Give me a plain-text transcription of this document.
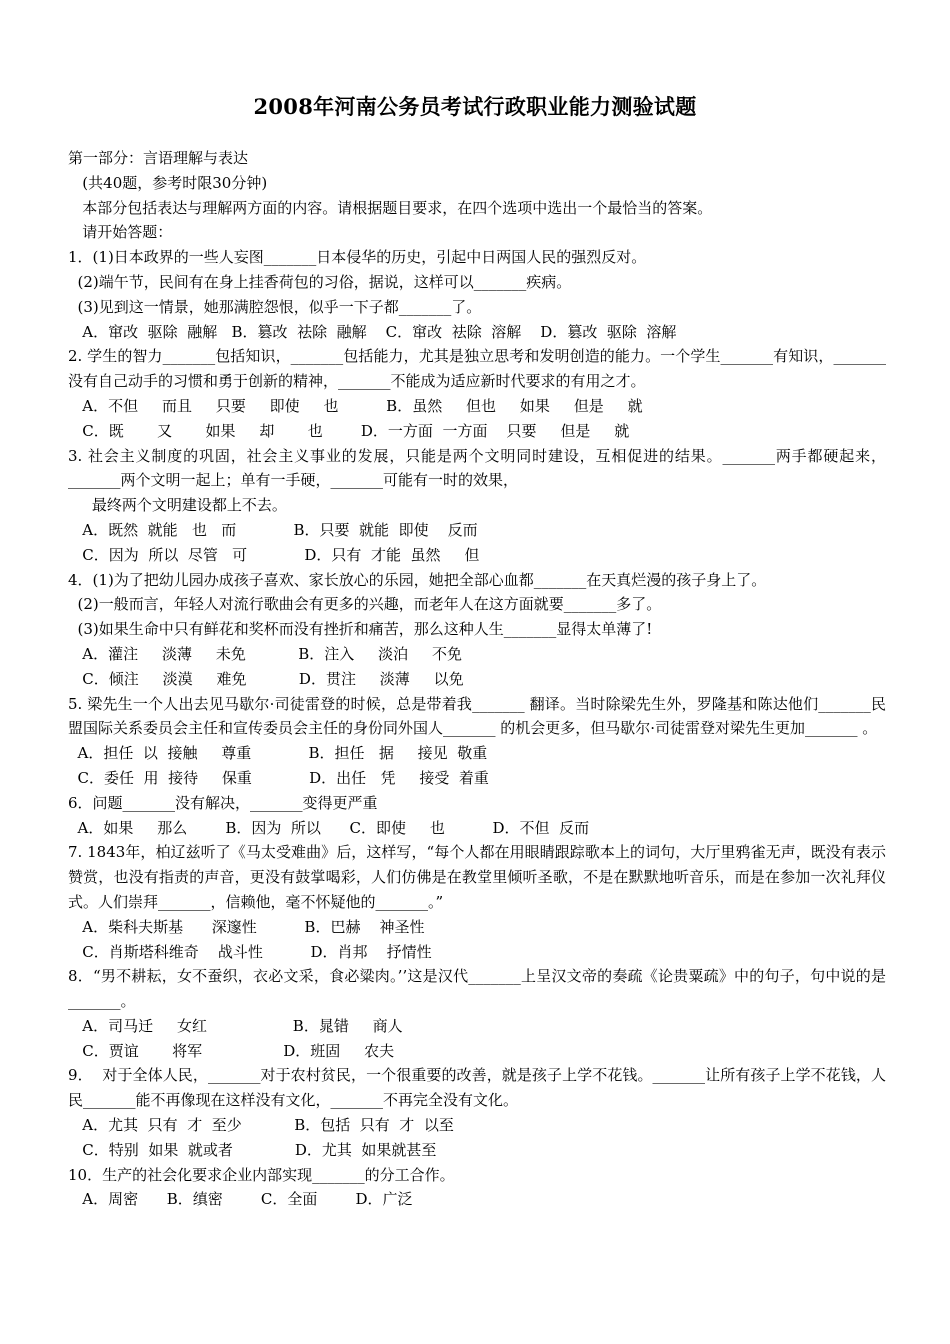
2008年河南公务员考试行政职业能力测验试题
第一部分：言语理解与表达
(共40题，参考时限30分钟)
本部分包括表达与理解两方面的内容。请根据题目要求，在四个选项中选出一个最恰当的答案。
请开始答题：
1．(1)日本政界的一些人妄图_______日本侵华的历史，引起中日两国人民的强烈反对。
(2)端午节，民间有在身上挂香荷包的习俗，据说，这样可以_______疾病。
(3)见到这一情景，她那满腔怨恨，似乎一下子都_______了。
A．窜改  驱除  融解   B．篡改  祛除  融解    C．窜改  祛除  溶解    D．篡改  驱除  溶解
2. 学生的智力_______包括知识，_______包括能力，尤其是独立思考和发明创造的能力。一个学生_______有知识，_______没有自己动手的习惯和勇于创新的精神，_______不能成为适应新时代要求的有用之才。
A．不但     而且     只要     即使     也          B．虽然     但也     如果     但是     就
C．既       又       如果     却       也        D．一方面  一方面    只要     但是     就
3. 社会主义制度的巩固，社会主义事业的发展，只能是两个文明同时建设，互相促进的结果。_______两手都硬起来，_______两个文明一起上；单有一手硬，_______可能有一时的效果，
最终两个文明建设都上不去。
A．既然  就能   也   而            B．只要  就能  即使    反而
C．因为  所以  尽管   可            D．只有  才能  虽然     但
4．(1)为了把幼儿园办成孩子喜欢、家长放心的乐园，她把全部心血都_______在天真烂漫的孩子身上了。
(2)一般而言，年轻人对流行歌曲会有更多的兴趣，而老年人在这方面就要_______多了。
(3)如果生命中只有鲜花和奖杯而没有挫折和痛苦，那么这种人生_______显得太单薄了!
A．灌注     淡薄     未免           B．注入     淡泊     不免
C．倾注     淡漠     难免           D．贯注     淡薄     以免
5. 梁先生一个人出去见马歇尔·司徒雷登的时候，总是带着我_______ 翻译。当时除梁先生外，罗隆基和陈达他们_______民盟国际关系委员会主任和宣传委员会主任的身份同外国人_______ 的机会更多，但马歇尔·司徒雷登对梁先生更加_______ 。
A．担任  以  接触     尊重            B．担任   据     接见  敬重
C．委任  用  接待     保重            D．出任   凭     接受  着重
6．问题_______没有解决，_______变得更严重
A．如果     那么        B．因为  所以      C．即使     也          D．不但  反而
7. 1843年，柏辽兹听了《马太受难曲》后，这样写，“每个人都在用眼睛跟踪歌本上的词句，大厅里鸦雀无声，既没有表示赞赏，也没有指责的声音，更没有鼓掌喝彩，人们仿佛是在教堂里倾听圣歌，不是在默默地听音乐，而是在参加一次礼拜仪式。人们崇拜_______，信赖他，毫不怀疑他的_______。”
A．柴科夫斯基      深邃性          B．巴赫    神圣性
C．肖斯塔科维奇    战斗性          D．肖邦    抒情性
8．“男不耕耘，女不蚕织，衣必文采，食必粱肉。’’这是汉代_______上呈汉文帝的奏疏《论贵粟疏》中的句子，句中说的是_______。
A．司马迁     女红                  B．晁错     商人
C．贾谊       将军                 D．班固     农夫
9．  对于全体人民，_______对于农村贫民，一个很重要的改善，就是孩子上学不花钱。_______让所有孩子上学不花钱，人民_______能不再像现在这样没有文化，_______不再完全没有文化。
A．尤其  只有  才  至少           B．包括  只有  才  以至
C．特别  如果  就或者             D．尤其  如果就甚至
10．生产的社会化要求企业内部实现_______的分工合作。
A．周密      B．缜密        C．全面        D．广泛
